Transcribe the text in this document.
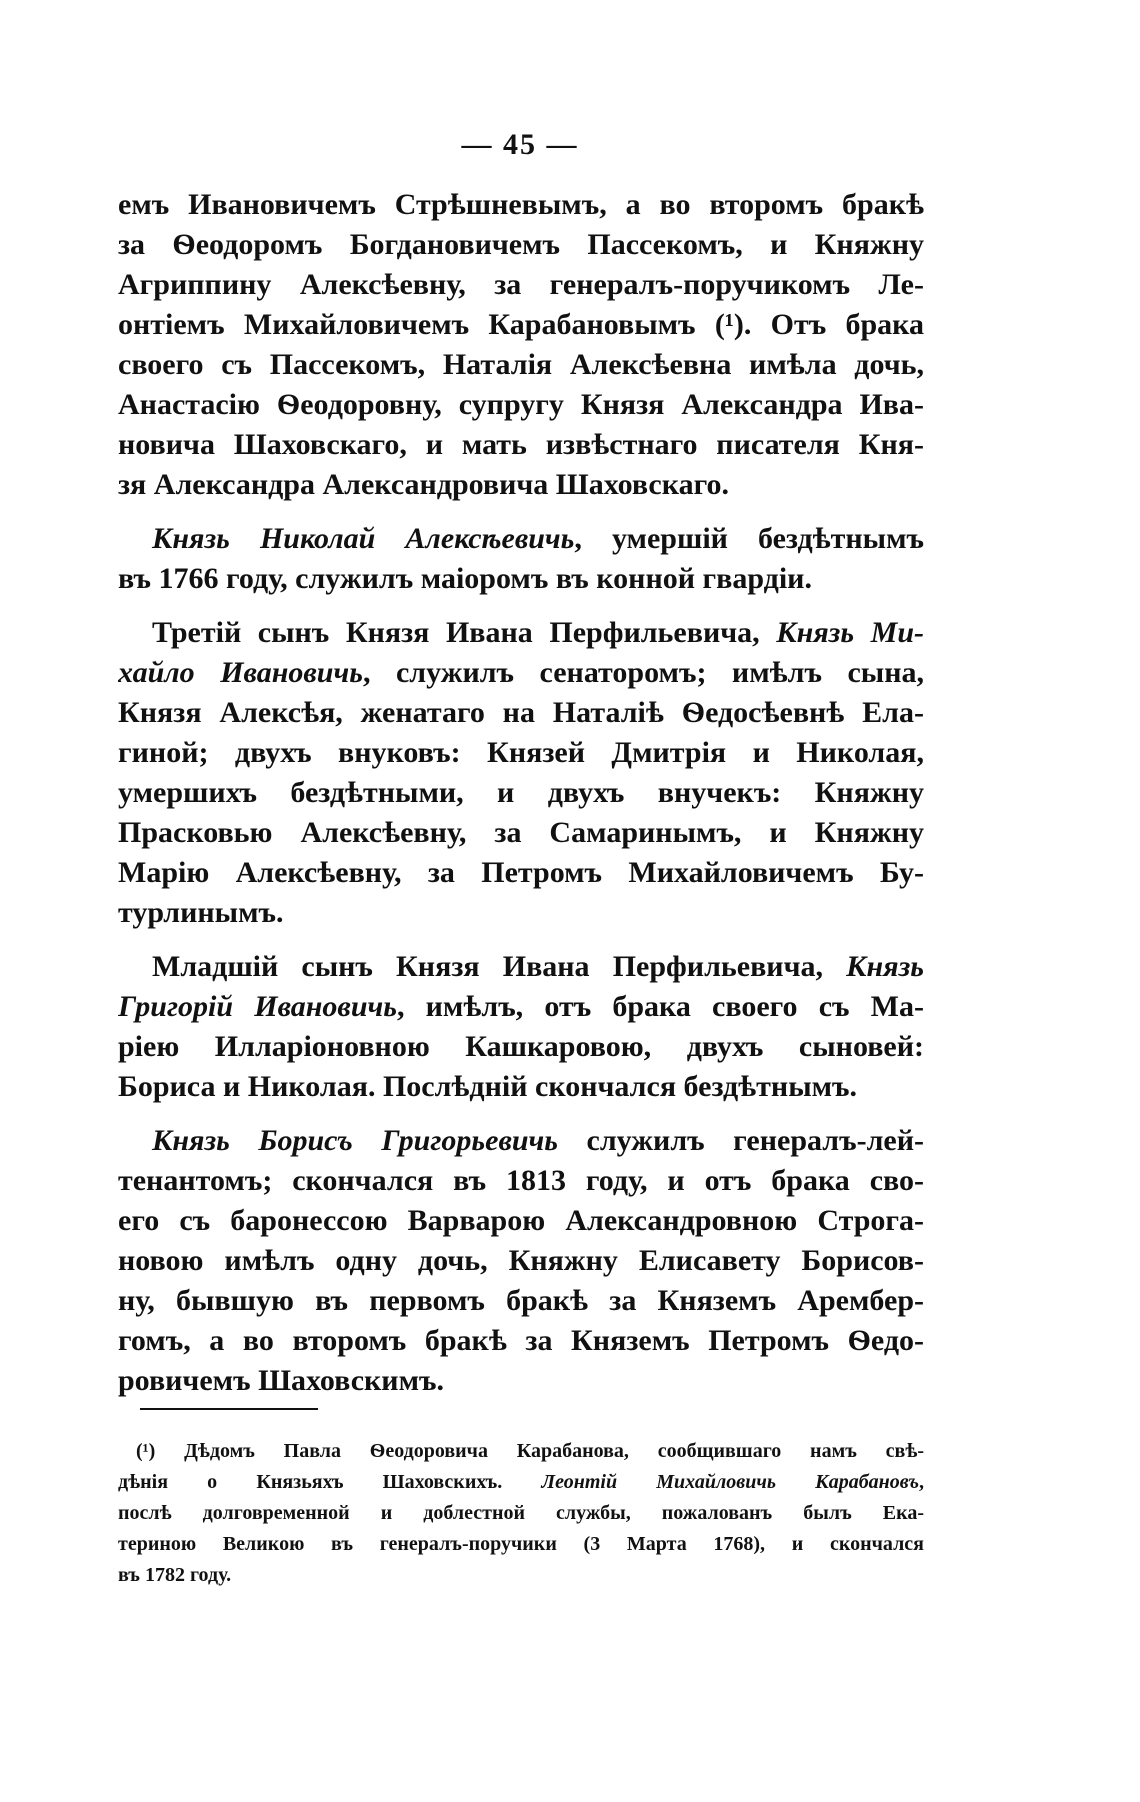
— 45 —
емъ Ивановичемъ Стрѣшневымъ, а во второмъ бракѣ
за Ѳеодоромъ Богдановичемъ Пассекомъ, и Княжну
Агриппину Алексѣевну, за генералъ-поручикомъ Ле-
онтіемъ Михайловичемъ Карабановымъ (¹). Отъ брака
своего съ Пассекомъ, Наталія Алексѣевна имѣла дочь,
Анастасію Ѳеодоровну, супругу Князя Александра Ива-
новича Шаховскаго, и мать извѣстнаго писателя Кня-
зя Александра Александровича Шаховскаго.
Князь Николай Алексѣевичь, умершій бездѣтнымъ
въ 1766 году, служилъ маіоромъ въ конной гвардіи.
Третій сынъ Князя Ивана Перфильевича, Князь Ми-
хайло Ивановичь, служилъ сенаторомъ; имѣлъ сына,
Князя Алексѣя, женатаго на Наталіѣ Ѳедосѣевнѣ Ела-
гиной; двухъ внуковъ: Князей Дмитрія и Николая,
умершихъ бездѣтными, и двухъ внучекъ: Княжну
Прасковью Алексѣевну, за Самаринымъ, и Княжну
Марію Алексѣевну, за Петромъ Михайловичемъ Бу-
турлинымъ.
Младшій сынъ Князя Ивана Перфильевича, Князь
Григорій Ивановичь, имѣлъ, отъ брака своего съ Ма-
ріею Илларіоновною Кашкаровою, двухъ сыновей:
Бориса и Николая. Послѣдній скончался бездѣтнымъ.
Князь Борисъ Григорьевичь служилъ генералъ-лей-
тенантомъ; скончался въ 1813 году, и отъ брака сво-
его съ баронессою Варварою Александровною Строга-
новою имѣлъ одну дочь, Княжну Елисавету Борисов-
ну, бывшую въ первомъ бракѣ за Княземъ Арембер-
гомъ, а во второмъ бракѣ за Княземъ Петромъ Ѳедо-
ровичемъ Шаховскимъ.
(¹) Дѣдомъ Павла Ѳеодоровича Карабанова, сообщившаго намъ свѣ-
дѣнія о Князьяхъ Шаховскихъ. Леонтій Михайловичь Карабановъ,
послѣ долговременной и доблестной службы, пожалованъ былъ Ека-
териною Великою въ генералъ-поручики (3 Марта 1768), и скончался
въ 1782 году.
